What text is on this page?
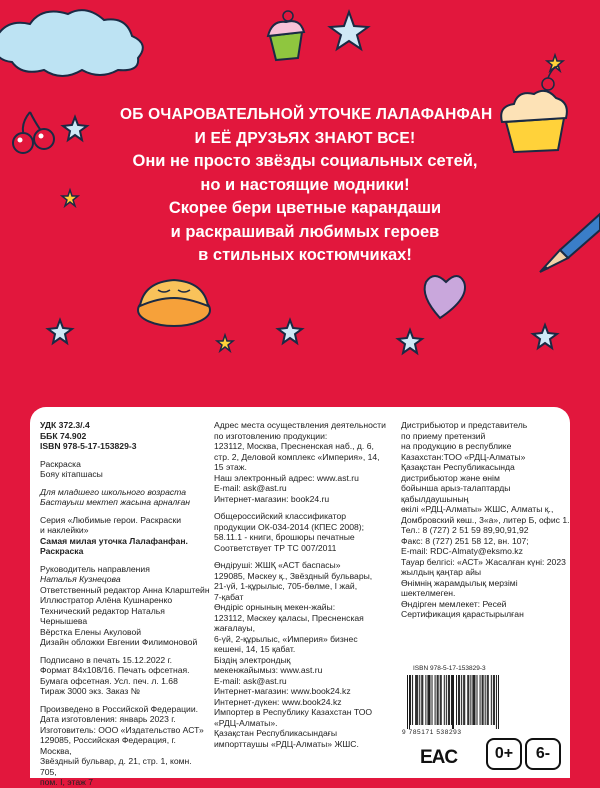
ОБ ОЧАРОВАТЕЛЬНОЙ УТОЧКЕ ЛАЛАФАНФАН
И ЕЁ ДРУЗЬЯХ ЗНАЮТ ВСЕ!
Они не просто звёзды социальных сетей,
но и настоящие модники!
Скорее бери цветные карандаши
и раскрашивай любимых героев
в стильных костюмчиках!
УДК 372.3/.4
ББК 74.902
ISBN 978-5-17-153829-3
Раскраска
Бояу кітапшасы
Для младшего школьного возраста
Бастауыш мектеп жасына арналған
Серия «Любимые герои. Раскраски
и наклейки»
Самая милая уточка Лалафанфан.
Раскраска
Руководитель направления
Наталья Кузнецова
Ответственный редактор Анна Кларштейн
Иллюстратор Алёна Кушнаренко
Технический редактор Наталья Чернышева
Вёрстка Елены Акуловой
Дизайн обложки Евгении Филимоновой
Подписано в печать 15.12.2022 г.
Формат 84х108/16. Печать офсетная.
Бумага офсетная. Усл. печ. л. 1.68
Тираж 3000 экз. Заказ №
Произведено в Российской Федерации.
Дата изготовления: январь 2023 г.
Изготовитель: ООО «Издательство АСТ»
129085, Российская Федерация, г. Москва,
Звёздный бульвар, д. 21, стр. 1, комн. 705,
пом. I, этаж 7
Адрес места осуществления деятельности
по изготовлению продукции:
123112, Москва, Пресненская наб., д. 6,
стр. 2, Деловой комплекс «Империя», 14,
15 этаж.
Наш электронный адрес: www.ast.ru
E-mail: ask@ast.ru
Интернет-магазин: book24.ru
Общероссийский классификатор
продукции ОК-034-2014 (КПЕС 2008);
58.11.1 - книги, брошюры печатные
Соответствует ТР ТС 007/2011
Өндіруші: ЖШҚ «АСТ баспасы»
129085, Мәскеу қ., Звёздный бульвары,
21-үй, 1-құрылыс, 705-бөлме, I жай,
7-қабат
Өндіріс орнының мекен-жайы:
123112, Мәскеу қаласы, Пресненская
жағалауы,
6-үй, 2-құрылыс, «Империя» бизнес
кешені, 14, 15 қабат.
Біздің электрондық
мекенжайымыз: www.ast.ru
E-mail: ask@ast.ru
Интернет-магазин: www.book24.kz
Интернет-дүкен: www.book24.kz
Импортер в Республику Казахстан ТОО
«РДЦ-Алматы».
Қазақстан Республикасындағы
импорттаушы «РДЦ-Алматы» ЖШС.
Дистрибьютор и представитель
по приему претензий
на продукцию в республике
Казахстан:ТОО «РДЦ-Алматы»
Қазақстан Республикасында
дистрибьютор және өнім
бойынша арыз-талаптарды
қабылдаушының
өкілі «РДЦ-Алматы» ЖШС, Алматы қ.,
Домбровский көш., 3«а», литер Б, офис 1.
Тел.: 8 (727) 2 51 59 89,90,91,92
Факс: 8 (727) 251 58 12, вн. 107;
E-mail: RDC-Almaty@eksmo.kz
Тауар белгісі: «АСТ» Жасалған күні: 2023
жылдың қаңтар айы
Өнімнің жарамдылық мерзімі
шектелмеген.
Өндірген мемлекет: Ресей
Сертификация қарастырылған
ISBN 978-5-17-153829-3
9 785171 538293
EAC	0+	6-
